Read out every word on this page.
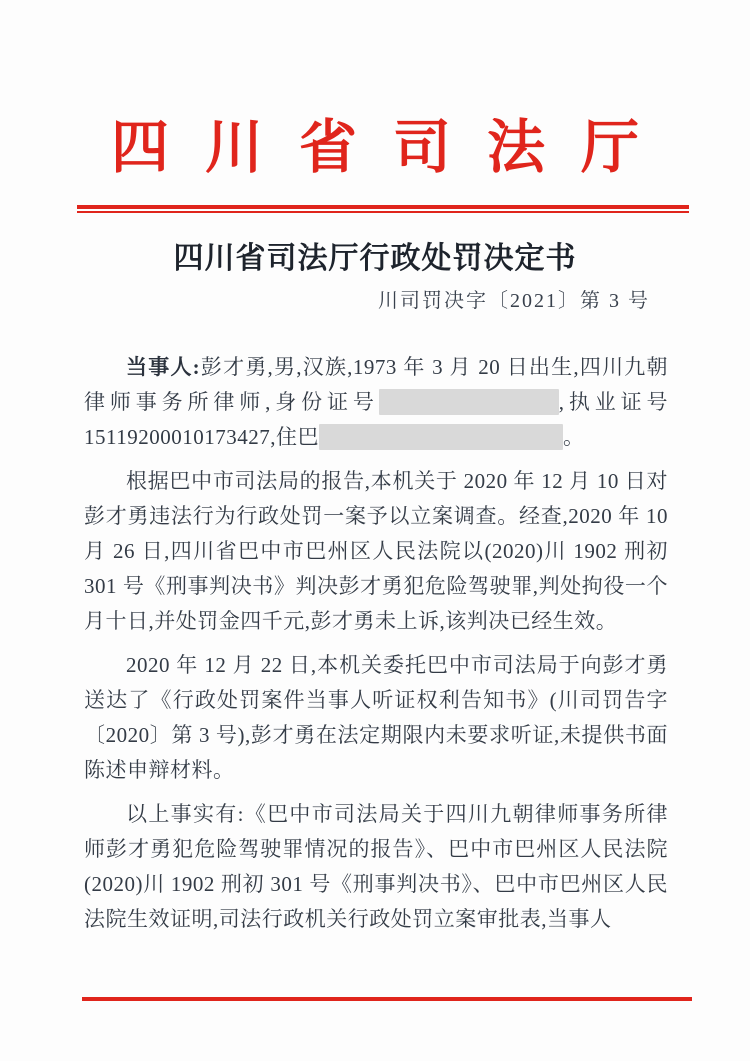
四川省司法厅
四川省司法厅行政处罚决定书
川司罚决字〔2021〕第 3 号

当事人:彭才勇,男,汉族,1973 年 3 月 20 日出生,四川九朝律师事务所律师,身份证号	,执业证号 15119200010173427,住巴	。

根据巴中市司法局的报告,本机关于 2020 年 12 月 10 日对彭才勇违法行为行政处罚一案予以立案调查。经查,2020 年 10 月 26 日,四川省巴中市巴州区人民法院以(2020)川 1902 刑初 301 号《刑事判决书》判决彭才勇犯危险驾驶罪,判处拘役一个月十日,并处罚金四千元,彭才勇未上诉,该判决已经生效。

2020 年 12 月 22 日,本机关委托巴中市司法局于向彭才勇送达了《行政处罚案件当事人听证权利告知书》(川司罚告字〔2020〕第 3 号),彭才勇在法定期限内未要求听证,未提供书面陈述申辩材料。

以上事实有:《巴中市司法局关于四川九朝律师事务所律师彭才勇犯危险驾驶罪情况的报告》、巴中市巴州区人民法院(2020)川 1902 刑初 301 号《刑事判决书》、巴中市巴州区人民法院生效证明,司法行政机关行政处罚立案审批表,当事人
